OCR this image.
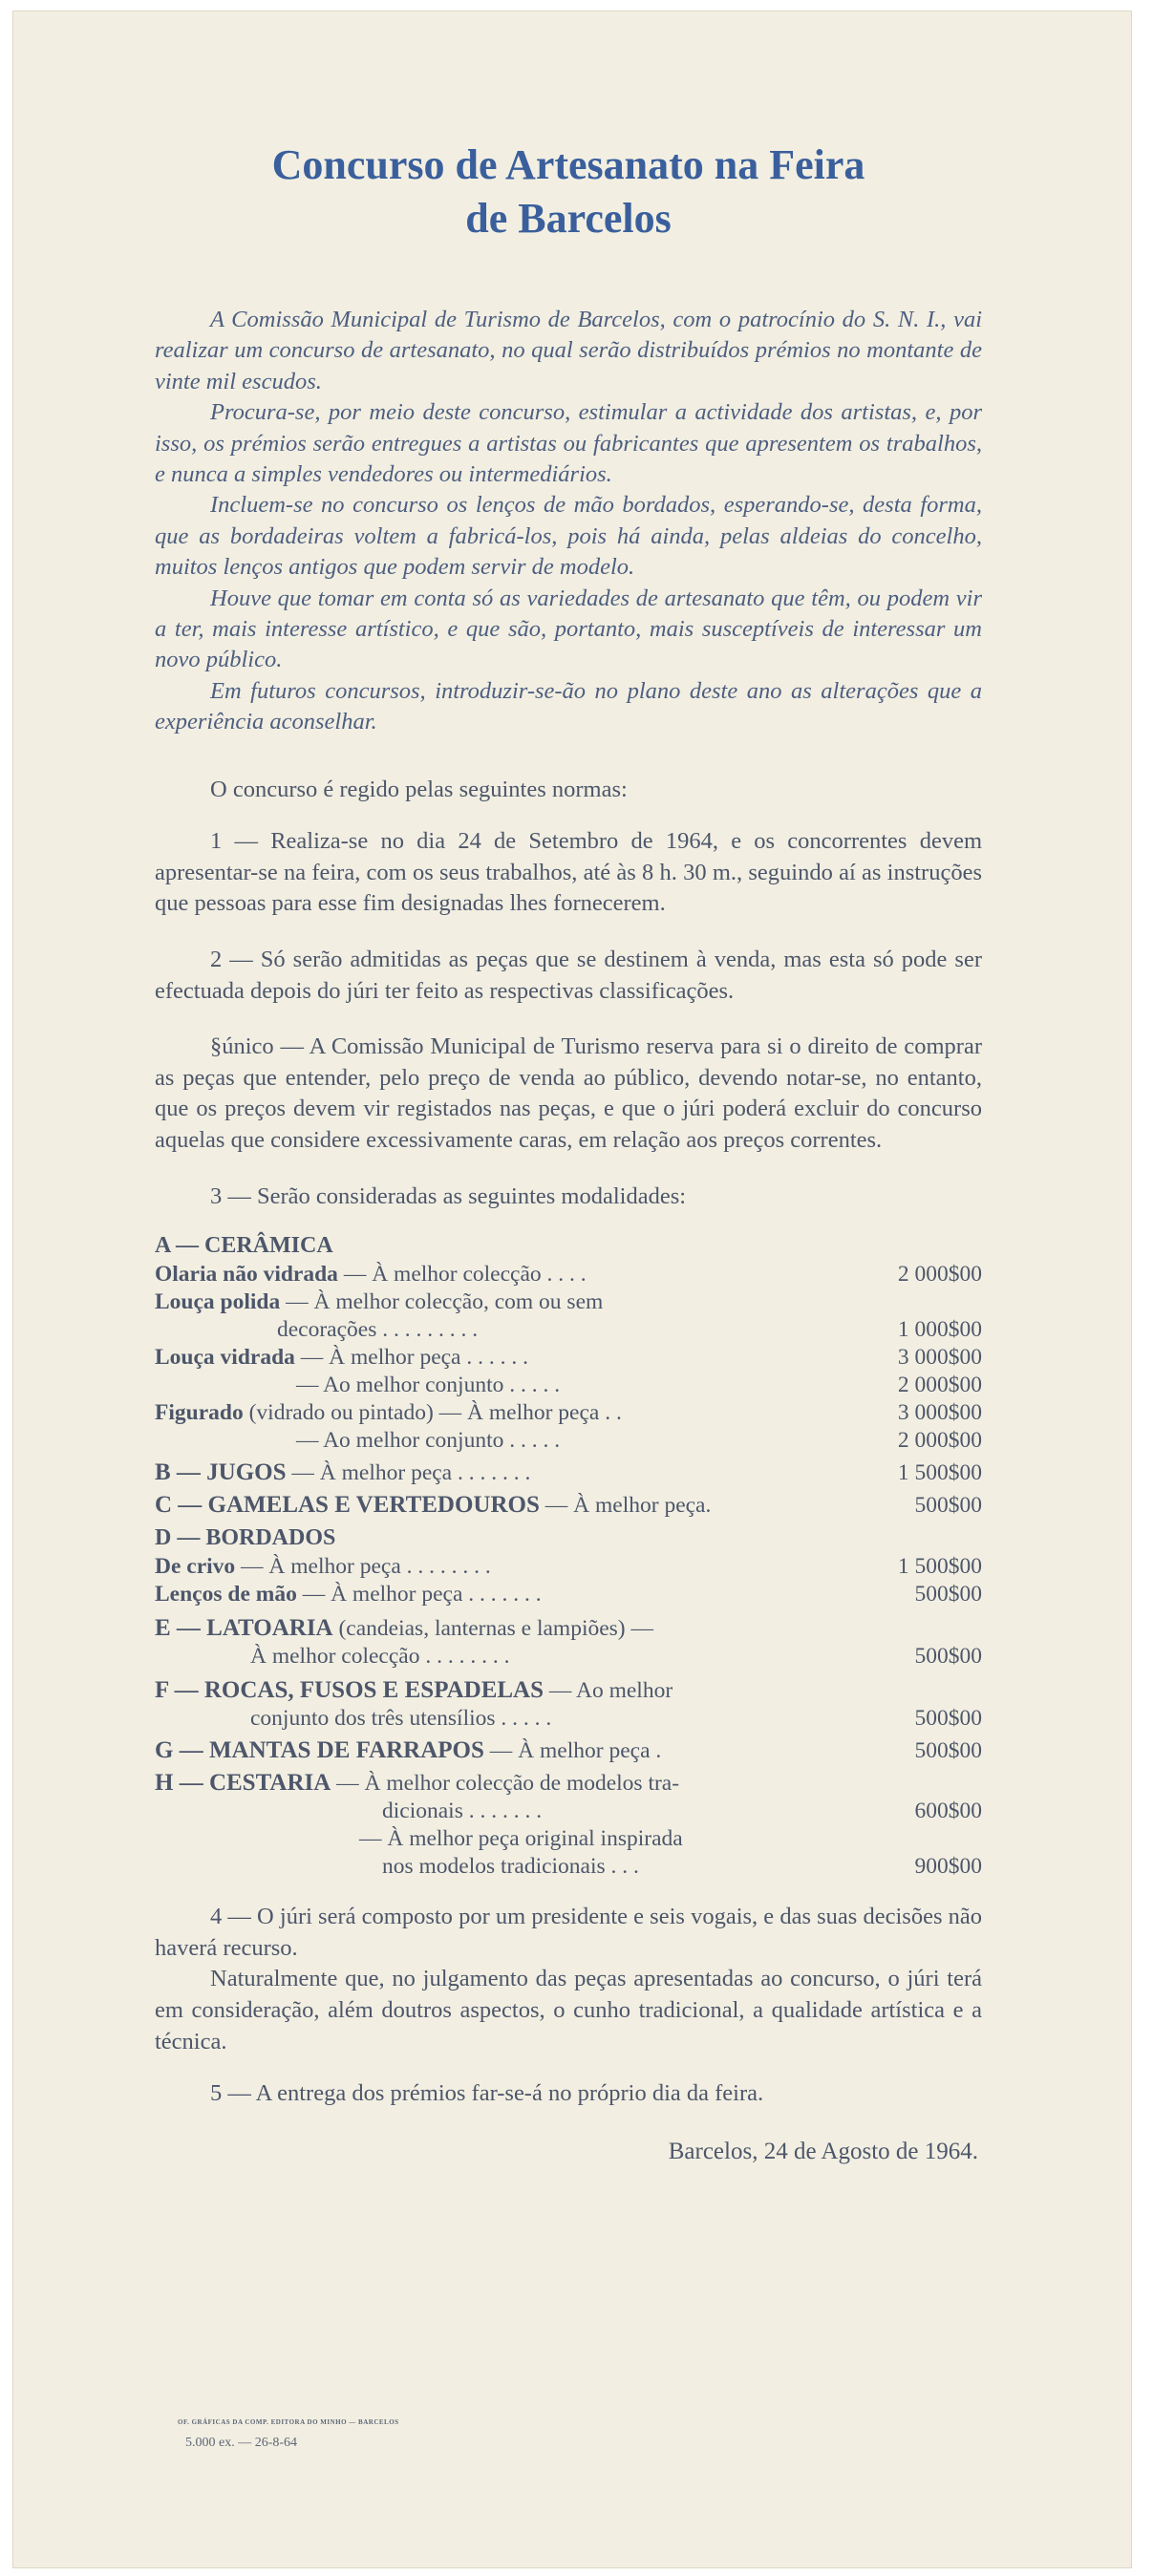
Concurso de Artesanato na Feira
de Barcelos

A Comissão Municipal de Turismo de Barcelos, com o patrocínio do S. N. I., vai realizar um concurso de artesanato, no qual serão distribuídos prémios no montante de vinte mil escudos.

Procura-se, por meio deste concurso, estimular a actividade dos artistas, e, por isso, os prémios serão entregues a artistas ou fabricantes que apresentem os trabalhos, e nunca a simples vendedores ou intermediários.

Incluem-se no concurso os lenços de mão bordados, esperando-se, desta forma, que as bordadeiras voltem a fabricá-los, pois há ainda, pelas aldeias do concelho, muitos lenços antigos que podem servir de modelo.

Houve que tomar em conta só as variedades de artesanato que têm, ou podem vir a ter, mais interesse artístico, e que são, portanto, mais susceptíveis de interessar um novo público.

Em futuros concursos, introduzir-se-ão no plano deste ano as alterações que a experiência aconselhar.

O concurso é regido pelas seguintes normas:

1 — Realiza-se no dia 24 de Setembro de 1964, e os concorrentes devem apresentar-se na feira, com os seus trabalhos, até às 8 h. 30 m., seguindo aí as instruções que pessoas para esse fim designadas lhes fornecerem.

2 — Só serão admitidas as peças que se destinem à venda, mas esta só pode ser efectuada depois do júri ter feito as respectivas classificações.

§único — A Comissão Municipal de Turismo reserva para si o direito de comprar as peças que entender, pelo preço de venda ao público, devendo notar-se, no entanto, que os preços devem vir registados nas peças, e que o júri poderá excluir do concurso aquelas que considere excessivamente caras, em relação aos preços correntes.

3 — Serão consideradas as seguintes modalidades:

A — CERÂMICA
Olaria não vidrada — À melhor colecção . . . .	2 000$00
Louça polida — À melhor colecção, com ou sem
decorações . . . . . . . . .	1 000$00
Louça vidrada — À melhor peça . . . . . .	3 000$00
— Ao melhor conjunto . . . . .	2 000$00
Figurado (vidrado ou pintado) — À melhor peça . .	3 000$00
— Ao melhor conjunto . . . . .	2 000$00
B — JUGOS — À melhor peça . . . . . . .	1 500$00
C — GAMELAS E VERTEDOUROS — À melhor peça.	500$00
D — BORDADOS
De crivo — À melhor peça . . . . . . . .	1 500$00
Lenços de mão — À melhor peça . . . . . . .	500$00
E — LATOARIA (candeias, lanternas e lampiões) —
À melhor colecção . . . . . . . .	500$00
F — ROCAS, FUSOS E ESPADELAS — Ao melhor
conjunto dos três utensílios . . . . .	500$00
G — MANTAS DE FARRAPOS — À melhor peça .	500$00
H — CESTARIA — À melhor colecção de modelos tra-
dicionais . . . . . . .	600$00
— À melhor peça original inspirada
nos modelos tradicionais . . .	900$00

4 — O júri será composto por um presidente e seis vogais, e das suas decisões não haverá recurso.

Naturalmente que, no julgamento das peças apresentadas ao concurso, o júri terá em consideração, além doutros aspectos, o cunho tradicional, a qualidade artística e a técnica.

5 — A entrega dos prémios far-se-á no próprio dia da feira.

Barcelos, 24 de Agosto de 1964.
OF. GRÁFICAS DA COMP. EDITORA DO MINHO — BARCELOS
5.000 ex. — 26-8-64
